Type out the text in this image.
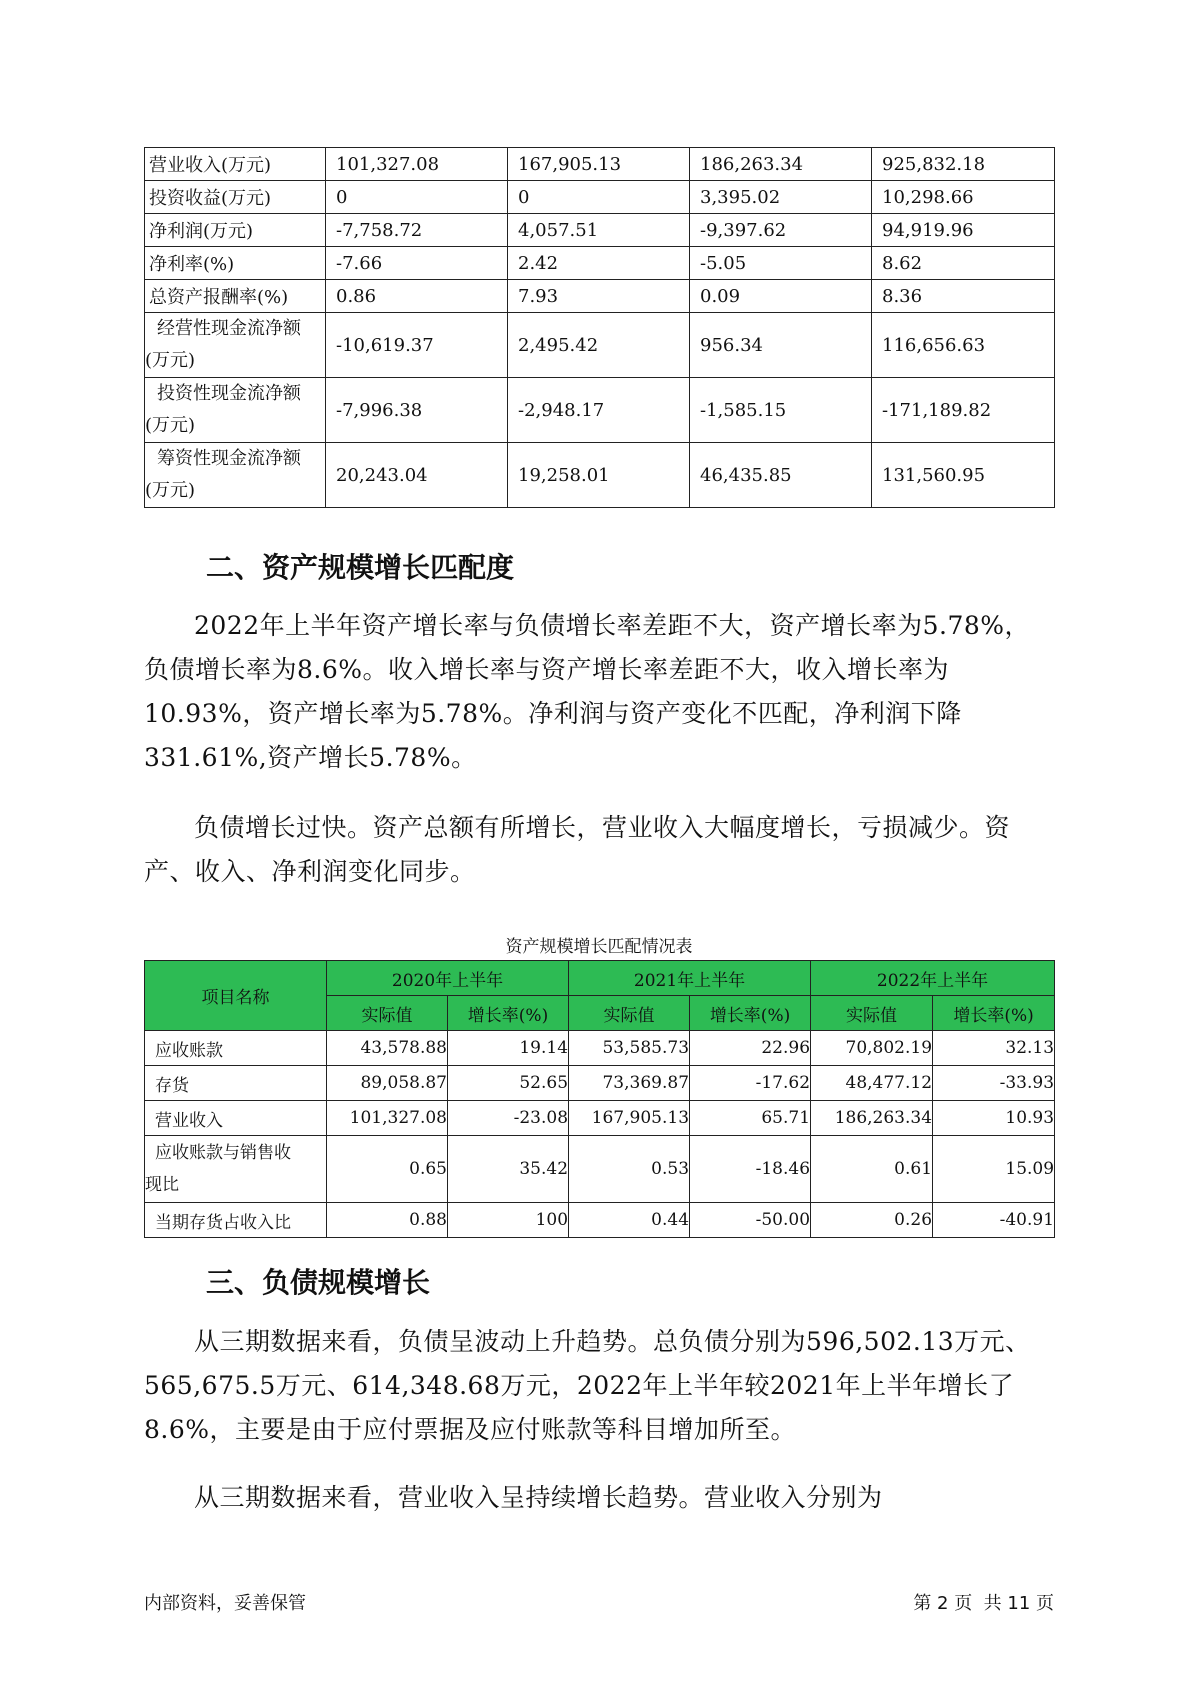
营业收入(万元)	101,327.08	167,905.13	186,263.34	925,832.18
投资收益(万元)	0	0	3,395.02	10,298.66
净利润(万元)	-7,758.72	4,057.51	-9,397.62	94,919.96
净利率(%)	-7.66	2.42	-5.05	8.62
总资产报酬率(%)	0.86	7.93	0.09	8.36

经营性现金流净额
(万元)	-10,619.37	2,495.42	956.34	116,656.63

投资性现金流净额
(万元)	-7,996.38	-2,948.17	-1,585.15	-171,189.82

筹资性现金流净额
(万元)	20,243.04	19,258.01	46,435.85	131,560.95
二、资产规模增长匹配度

2022年上半年资产增长率与负债增长率差距不大，资产增长率为5.78%，负债增长率为8.6%。收入增长率与资产增长率差距不大，收入增长率为10.93%，资产增长率为5.78%。净利润与资产变化不匹配，净利润下降331.61%,资产增长5.78%。

负债增长过快。资产总额有所增长，营业收入大幅度增长，亏损减少。资产、收入、净利润变化同步。

资产规模增长匹配情况表
项目名称	2020年上半年		2021年上半年		2022年上半年	
	实际值	增长率(%)	实际值	增长率(%)	实际值	增长率(%)
应收账款	43,578.88	19.14	53,585.73	22.96	70,802.19	32.13
存货	89,058.87	52.65	73,369.87	-17.62	48,477.12	-33.93
营业收入	101,327.08	-23.08	167,905.13	65.71	186,263.34	10.93

应收账款与销售收
现比	0.65	35.42	0.53	-18.46	0.61	15.09
当期存货占收入比	0.88	100	0.44	-50.00	0.26	-40.91
三、负债规模增长

从三期数据来看，负债呈波动上升趋势。总负债分别为596,502.13万元、565,675.5万元、614,348.68万元，2022年上半年较2021年上半年增长了8.6%，主要是由于应付票据及应付账款等科目增加所至。

从三期数据来看，营业收入呈持续增长趋势。营业收入分别为

内部资料，妥善保管	第 2 页  共 11 页
